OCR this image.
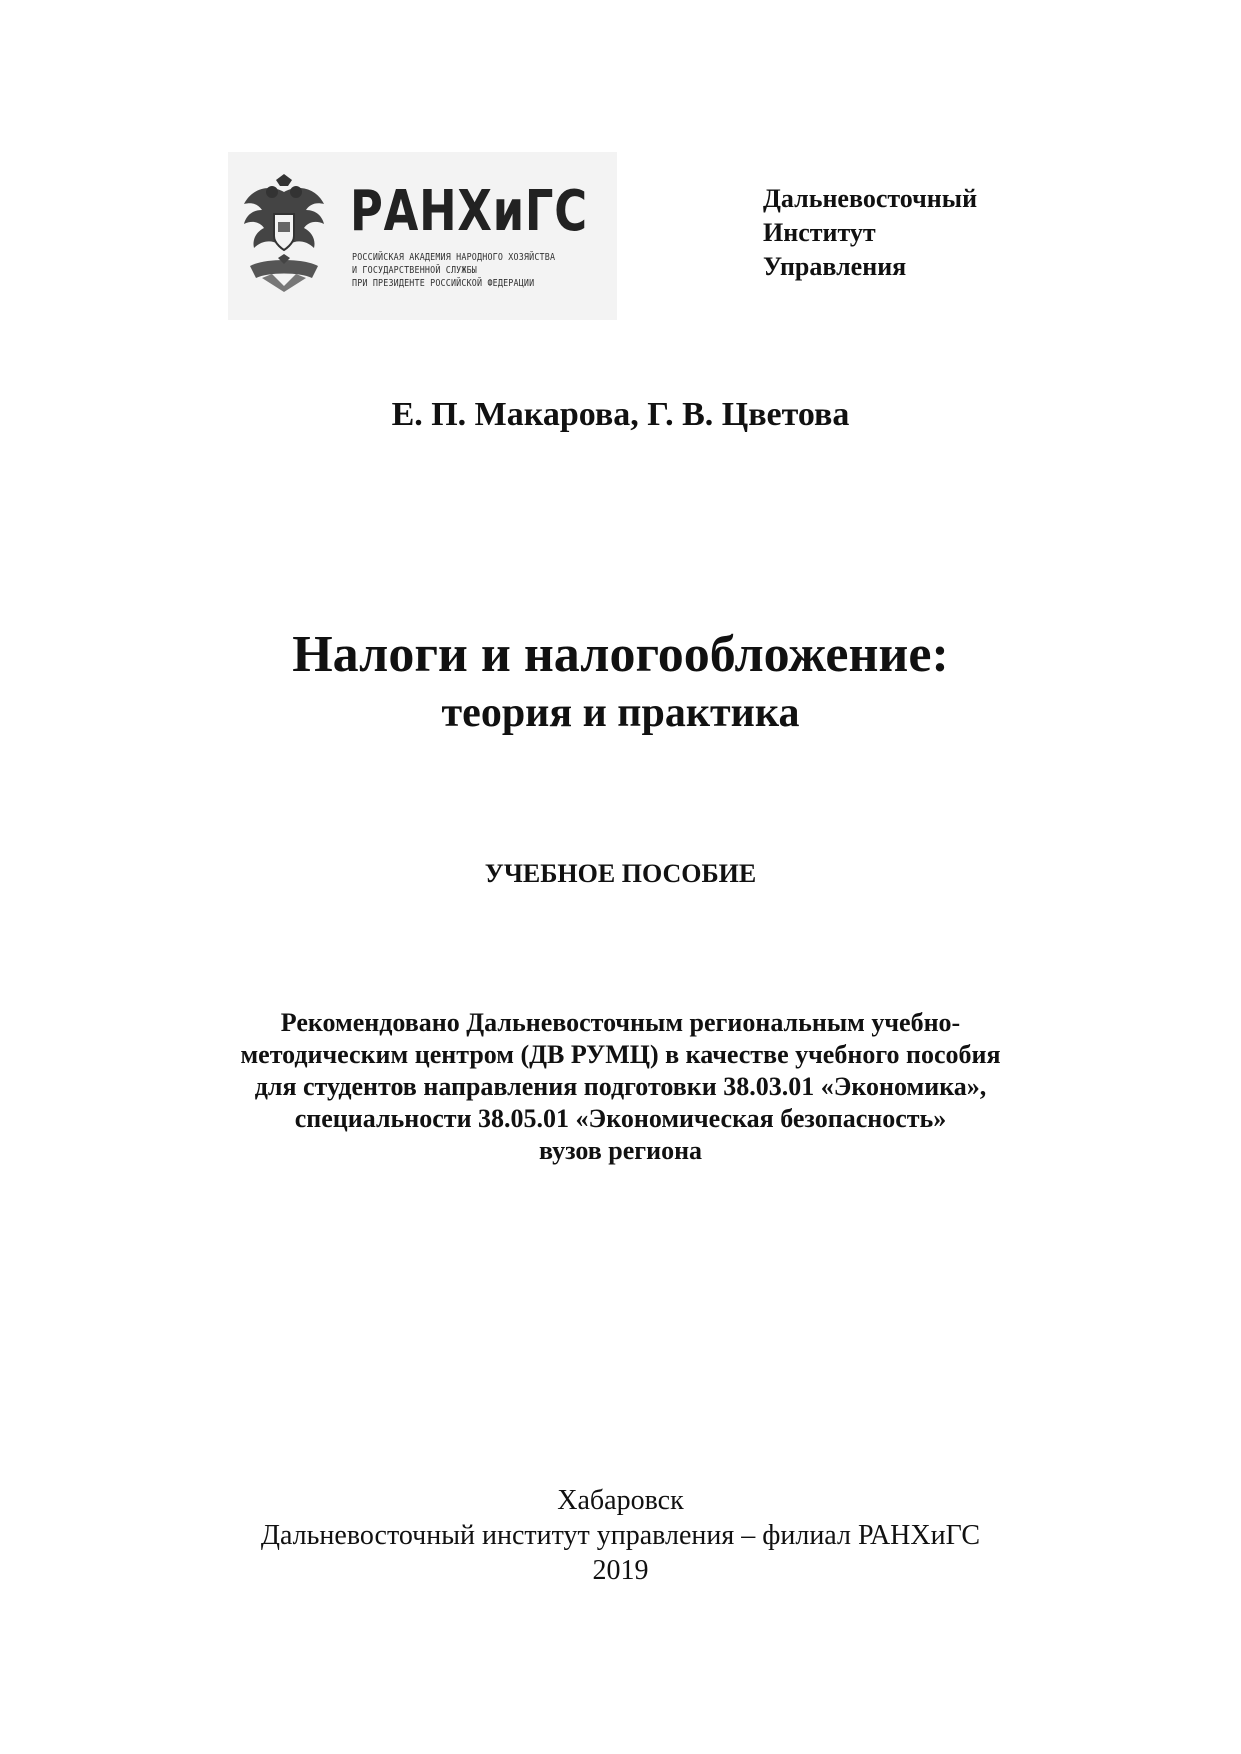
РАНХиГС
РОССИЙСКАЯ АКАДЕМИЯ НАРОДНОГО ХОЗЯЙСТВА
И ГОСУДАРСТВЕННОЙ СЛУЖБЫ
ПРИ ПРЕЗИДЕНТЕ РОССИЙСКОЙ ФЕДЕРАЦИИ
Дальневосточный
Институт
Управления
Е. П. Макарова, Г. В. Цветова
Налоги и налогообложение:
теория и практика
УЧЕБНОЕ ПОСОБИЕ
Рекомендовано Дальневосточным региональным учебно-
методическим центром (ДВ РУМЦ) в качестве учебного пособия
для студентов направления подготовки 38.03.01 «Экономика»,
специальности 38.05.01 «Экономическая безопасность»
вузов региона
Хабаровск
Дальневосточный институт управления – филиал РАНХиГС
2019
